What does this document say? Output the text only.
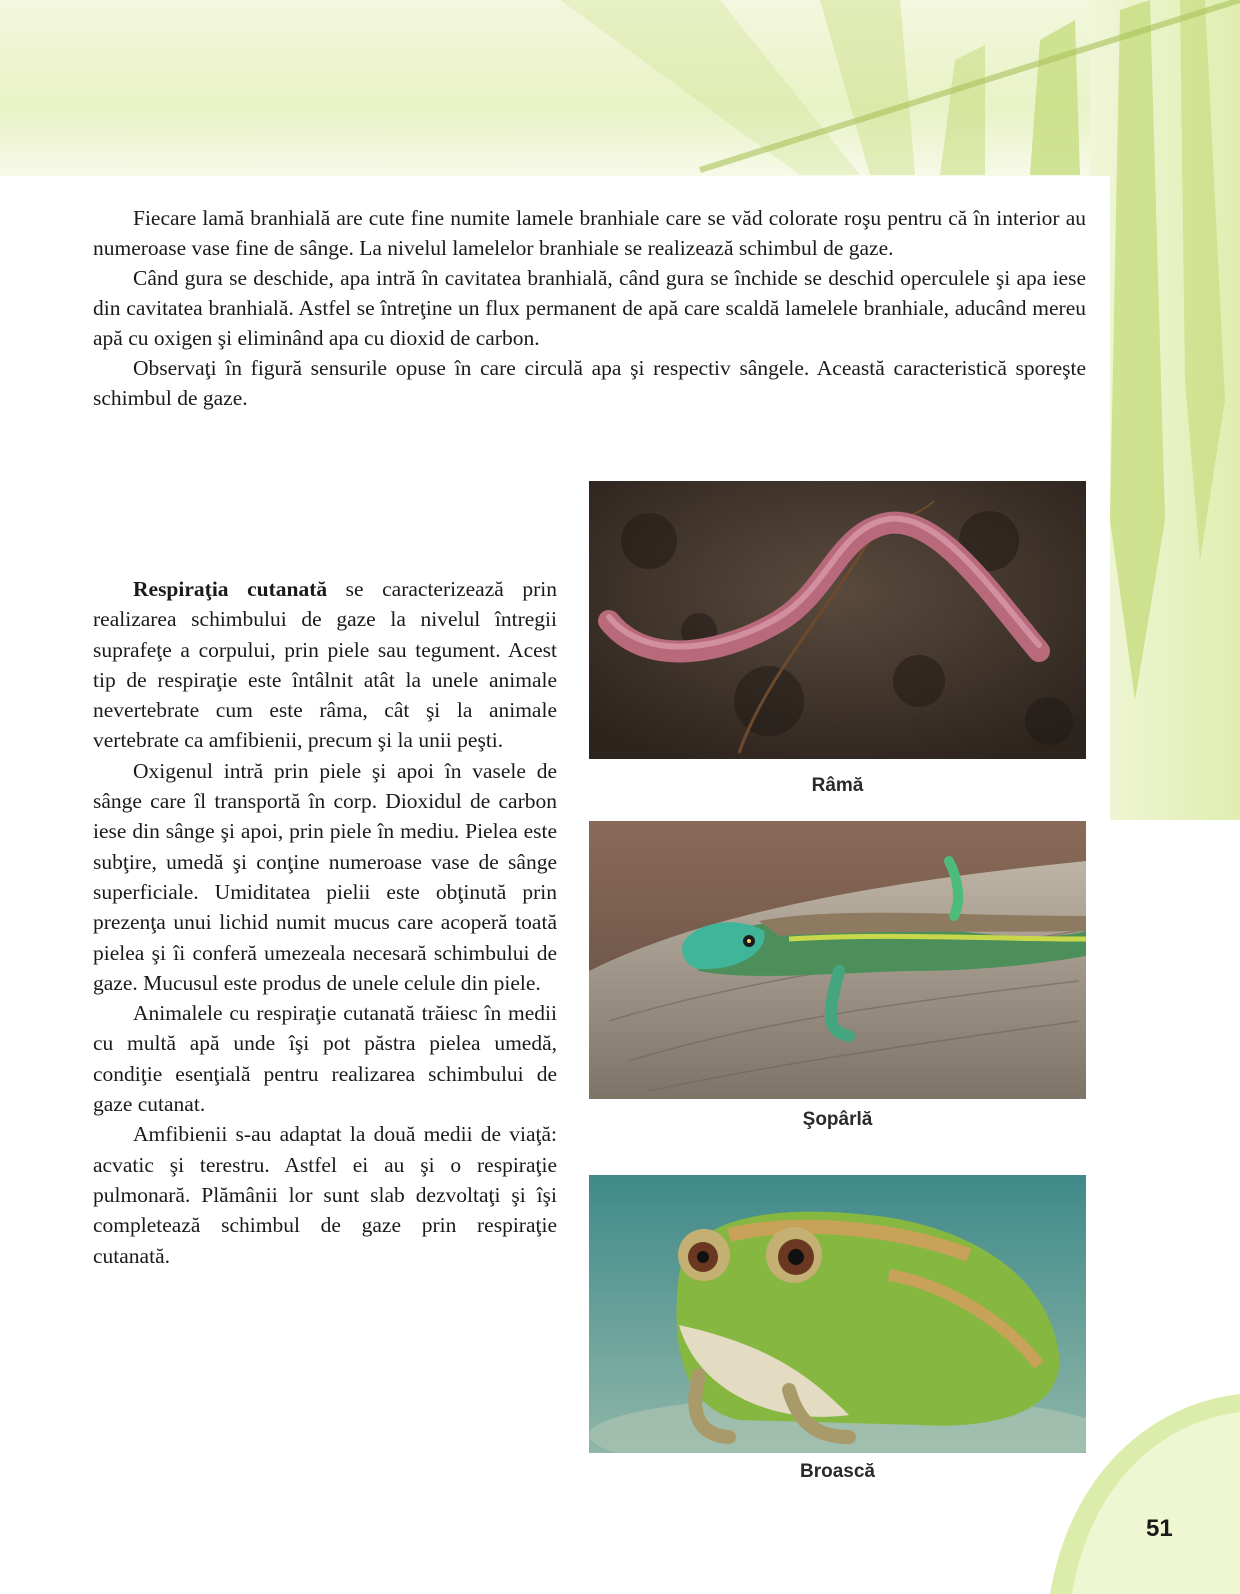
Fiecare lamă branhială are cute fine numite lamele branhiale care se văd colorate roşu pentru că în interior au numeroase vase fine de sânge. La nivelul lamelelor branhiale se realizează schimbul de gaze.

Când gura se deschide, apa intră în cavitatea branhială, când gura se închide se deschid operculele şi apa iese din cavitatea branhială. Astfel se întreţine un flux permanent de apă care scaldă lamelele branhiale, aducând mereu apă cu oxigen şi eliminând apa cu dioxid de carbon.

Observaţi în figură sensurile opuse în care circulă apa şi respectiv sângele. Această caracteristică sporeşte schimbul de gaze.

Respiraţia cutanată se caracterizează prin realizarea schimbului de gaze la nivelul întregii suprafeţe a corpului, prin piele sau tegument. Acest tip de respiraţie este întâlnit atât la unele animale nevertebrate cum este râma, cât şi la animale vertebrate ca amfibienii, precum şi la unii peşti.

Oxigenul intră prin piele şi apoi în vasele de sânge care îl transportă în corp. Dioxidul de carbon iese din sânge şi apoi, prin piele în mediu. Pielea este subţire, umedă şi conţine numeroase vase de sânge superficiale. Umiditatea pielii este obţinută prin prezenţa unui lichid numit mucus care acoperă toată pielea şi îi conferă umezeala necesară schimbului de gaze. Mucusul este produs de unele celule din piele.

Animalele cu respiraţie cutanată trăiesc în medii cu multă apă unde îşi pot păstra pielea umedă, condiţie esenţială pentru realizarea schimbului de gaze cutanat.

Amfibienii s-au adaptat la două medii de viaţă: acvatic şi terestru. Astfel ei au şi o respiraţie pulmonară. Plămânii lor sunt slab dezvoltaţi şi îşi completează schimbul de gaze prin respiraţie cutanată.

Râmă
Şopârlă
Broască
51
